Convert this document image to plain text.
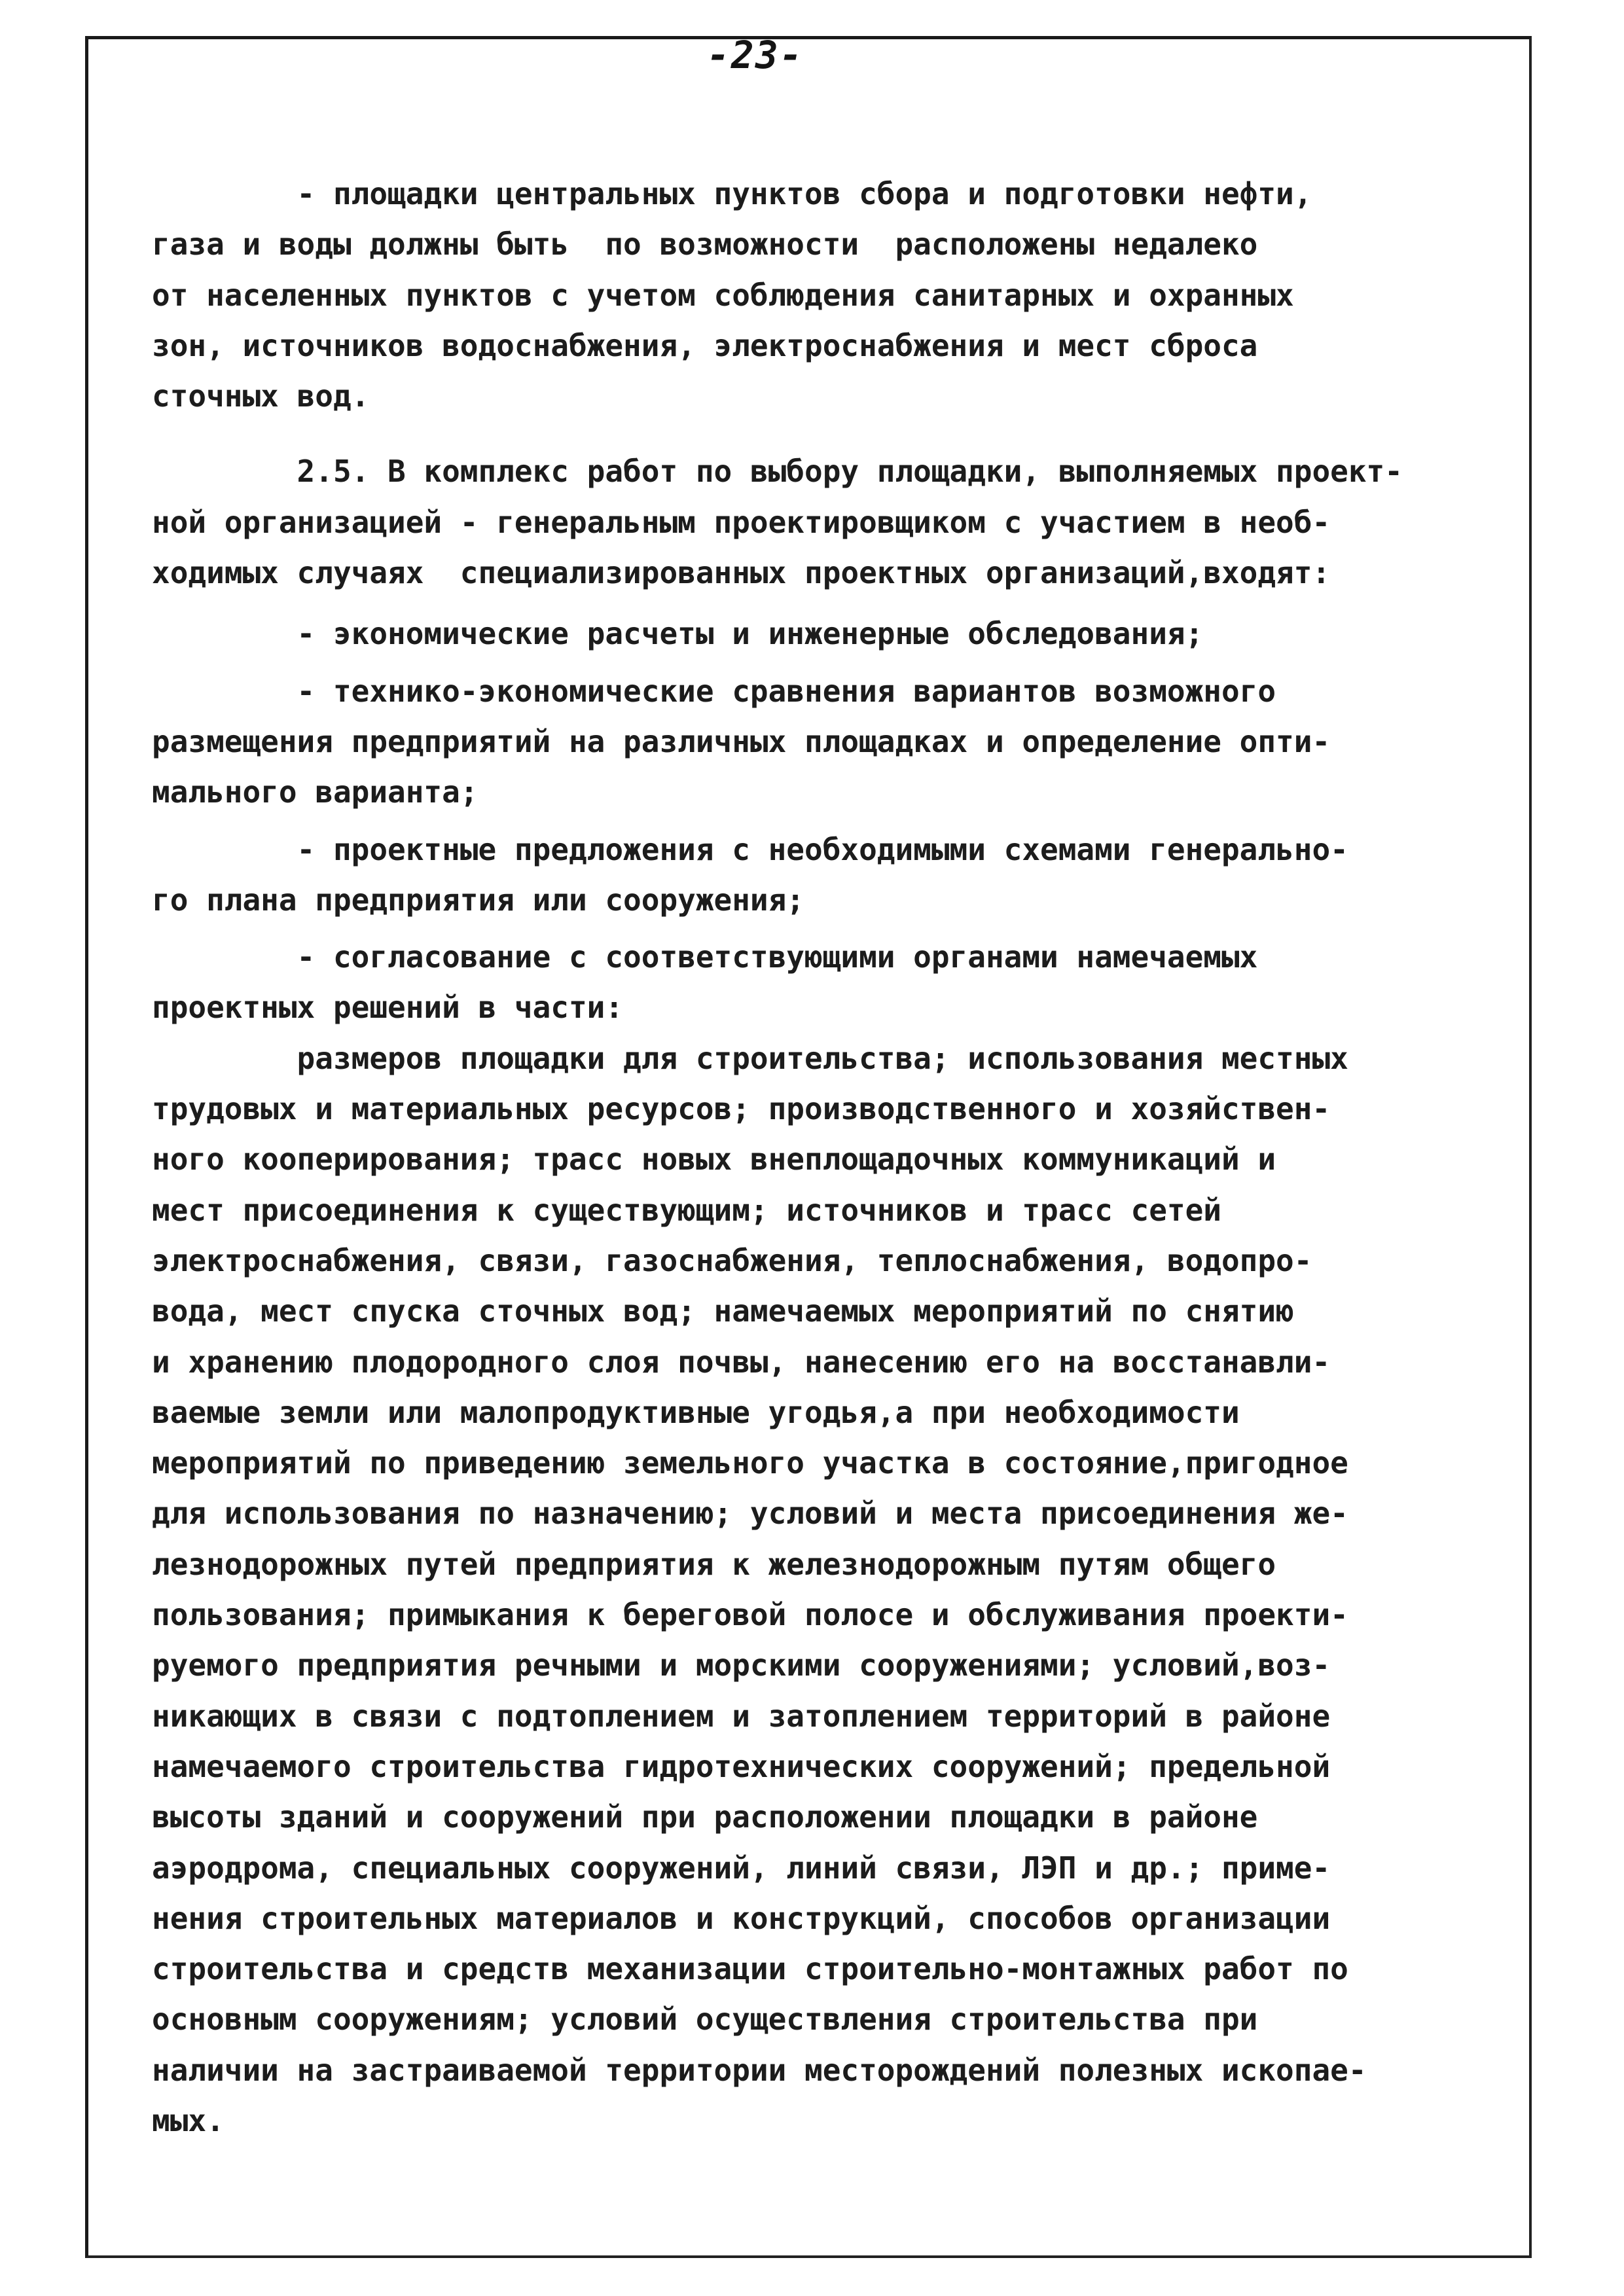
-23-
- площадки центральных пунктов сбора и подготовки нефти,
газа и воды должны быть  по возможности  расположены недалеко
от населенных пунктов с учетом соблюдения санитарных и охранных
зон, источников водоснабжения, электроснабжения и мест сброса
сточных вод.
2.5. В комплекс работ по выбору площадки, выполняемых проект-
ной организацией - генеральным проектировщиком с участием в необ-
ходимых случаях  специализированных проектных организаций,входят:
- экономические расчеты и инженерные обследования;
- технико-экономические сравнения вариантов возможного
размещения предприятий на различных площадках и определение опти-
мального варианта;
- проектные предложения с необходимыми схемами генерально-
го плана предприятия или сооружения;
- согласование с соответствующими органами намечаемых
проектных решений в части:
размеров площадки для строительства; использования местных
трудовых и материальных ресурсов; производственного и хозяйствен-
ного кооперирования; трасс новых внеплощадочных коммуникаций и
мест присоединения к существующим; источников и трасс сетей
электроснабжения, связи, газоснабжения, теплоснабжения, водопро-
вода, мест спуска сточных вод; намечаемых мероприятий по снятию
и хранению плодородного слоя почвы, нанесению его на восстанавли-
ваемые земли или малопродуктивные угодья,а при необходимости
мероприятий по приведению земельного участка в состояние,пригодное
для использования по назначению; условий и места присоединения же-
лезнодорожных путей предприятия к железнодорожным путям общего
пользования; примыкания к береговой полосе и обслуживания проекти-
руемого предприятия речными и морскими сооружениями; условий,воз-
никающих в связи с подтоплением и затоплением территорий в районе
намечаемого строительства гидротехнических сооружений; предельной
высоты зданий и сооружений при расположении площадки в районе
аэродрома, специальных сооружений, линий связи, ЛЭП и др.; приме-
нения строительных материалов и конструкций, способов организации
строительства и средств механизации строительно-монтажных работ по
основным сооружениям; условий осуществления строительства при
наличии на застраиваемой территории месторождений полезных ископае-
мых.
